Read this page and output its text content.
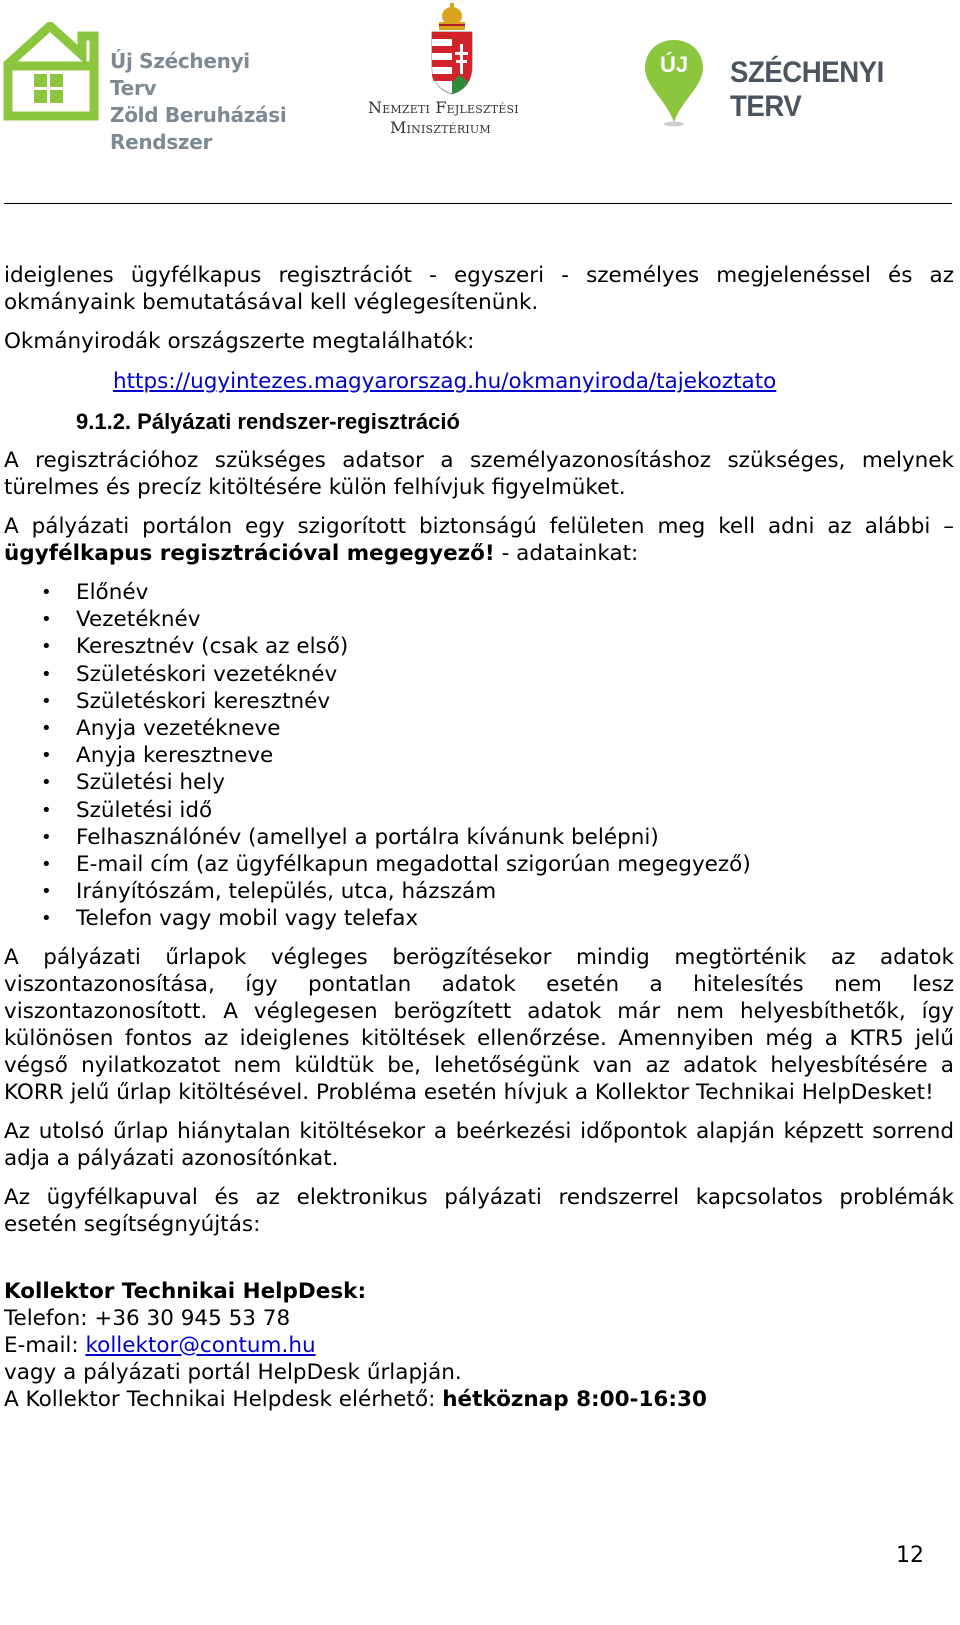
Új Széchenyi Terv
Zöld Beruházási
Rendszer
Nemzeti Fejlesztési
Minisztérium
ÚJ SZÉCHENYI TERV

ideiglenes ügyfélkapus regisztrációt - egyszeri - személyes megjelenéssel és az okmányaink bemutatásával kell véglegesítenünk.

Okmányirodák országszerte megtalálhatók:

https://ugyintezes.magyarorszag.hu/okmanyiroda/tajekoztato
9.1.2. Pályázati rendszer-regisztráció

A regisztrációhoz szükséges adatsor a személyazonosításhoz szükséges, melynek türelmes és precíz kitöltésére külön felhívjuk figyelmüket.

A pályázati portálon egy szigorított biztonságú felületen meg kell adni az alábbi – ügyfélkapus regisztrációval megegyező! - adatainkat:

• Előnév
• Vezetéknév
• Keresztnév (csak az első)
• Születéskori vezetéknév
• Születéskori keresztnév
• Anyja vezetékneve
• Anyja keresztneve
• Születési hely
• Születési idő
• Felhasználónév (amellyel a portálra kívánunk belépni)
• E-mail cím (az ügyfélkapun megadottal szigorúan megegyező)
• Irányítószám, település, utca, házszám
• Telefon vagy mobil vagy telefax

A pályázati űrlapok végleges berögzítésekor mindig megtörténik az adatok viszontazonosítása, így pontatlan adatok esetén a hitelesítés nem lesz viszontazonosított. A véglegesen berögzített adatok már nem helyesbíthetők, így különösen fontos az ideiglenes kitöltések ellenőrzése. Amennyiben még a KTR5 jelű végső nyilatkozatot nem küldtük be, lehetőségünk van az adatok helyesbítésére a KORR jelű űrlap kitöltésével. Probléma esetén hívjuk a Kollektor Technikai HelpDesket!

Az utolsó űrlap hiánytalan kitöltésekor a beérkezési időpontok alapján képzett sorrend adja a pályázati azonosítónkat.

Az ügyfélkapuval és az elektronikus pályázati rendszerrel kapcsolatos problémák esetén segítségnyújtás:

Kollektor Technikai HelpDesk:
Telefon: +36 30 945 53 78
E-mail: kollektor@contum.hu
vagy a pályázati portál HelpDesk űrlapján.
A Kollektor Technikai Helpdesk elérhető: hétköznap 8:00-16:30
12
